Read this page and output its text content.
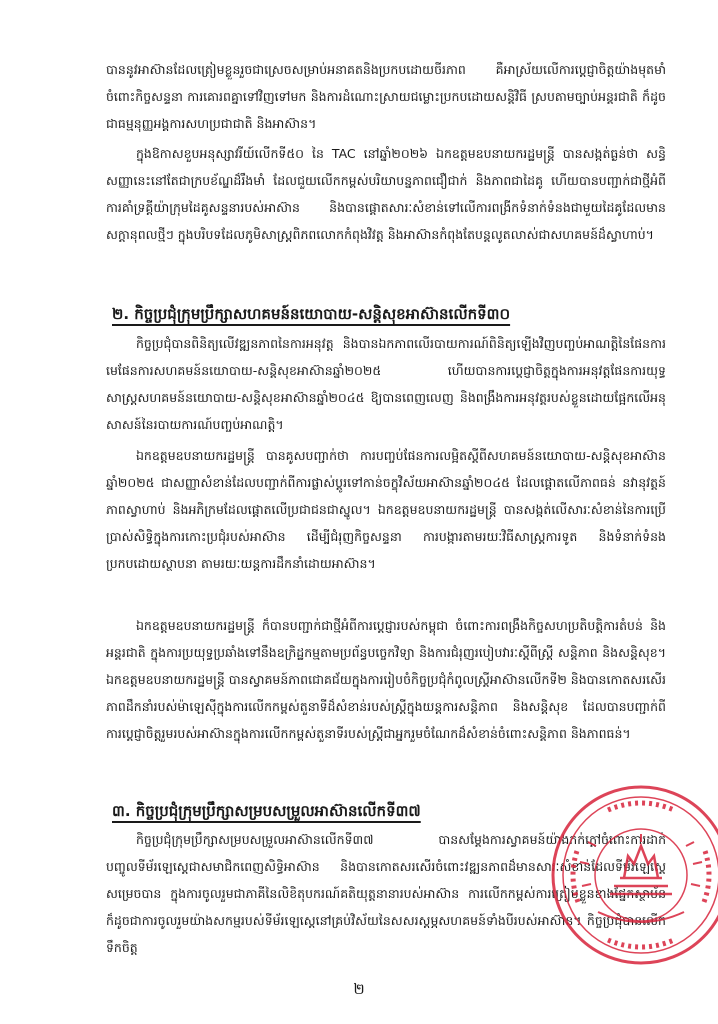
បាននូវអាស៊ានដែលត្រៀមខ្លួនរួចជាស្រេចសម្រាប់អនាគតនិងប្រកបដោយចីរភាព គឺអាស្រ័យលើការប្តេជ្ញាចិត្តយ៉ាងមុតមាំចំពោះកិច្ចសន្ទនា ការគោរពគ្នាទៅវិញទៅមក និងការដំណោះស្រាយជម្លោះប្រកបដោយសន្តិវិធី ស្របតាមច្បាប់អន្តរជាតិ ក៏ដូចជាធម្មនុញ្ញអង្គការសហប្រជាជាតិ និងអាស៊ាន។

ក្នុងឱកាសខួបអនុស្សាវរីយ៍លើកទី៥០ នៃ TAC នៅឆ្នាំ២០២៦ ឯកឧត្តមឧបនាយករដ្ឋមន្ត្រី បានសង្កត់ធ្ងន់ថា សន្ធិសញ្ញានេះនៅតែជាក្របខ័ណ្ឌដ៏រឹងមាំ ដែលជួយលើកកម្ពស់បរិយាបន្នភាពជឿជាក់ និងភាពជាដៃគូ ហើយបានបញ្ជាក់ជាថ្មីអំពីការគាំទ្រគ្តីយ៉ាក្រុមដៃគូសន្ទនារបស់អាស៊ាន និងបានផ្តោតសារៈសំខាន់ទៅលើការពង្រីកទំនាក់ទំនងជាមួយដៃគូដែលមានសក្តានុពលថ្មីៗ ក្នុងបរិបទដែលភូមិសាស្ត្រពិភពលោកកំពុងវិវត្ត និងអាស៊ានកំពុងតែបន្តលូតលាស់ជាសហគមន៍ដ៏ស្វាហាប់។

២. កិច្ចប្រជុំក្រុមប្រឹក្សាសហគមន៍នយោបាយ-សន្តិសុខអាស៊ានលើកទី៣០

កិច្ចប្រជុំបានពិនិត្យលើវឌ្ឍនភាពនៃការអនុវត្ត និងបានឯកភាពលើរបាយការណ៍ពិនិត្យឡើងវិញបញ្ចប់អាណត្តិនៃផែនការមេផែនការសហគមន៍នយោបាយ-សន្តិសុខអាស៊ានឆ្នាំ២០២៥ ហើយបានការប្តេជ្ញាចិត្តក្នុងការអនុវត្តផែនការយុទ្ធសាស្ត្រសហគមន៍នយោបាយ-សន្តិសុខអាស៊ានឆ្នាំ២០៤៥ ឱ្យបានពេញលេញ និងពង្រឹងការអនុវត្តរបស់ខ្លួនដោយផ្អែកលើអនុសាសន៍នៃរបាយការណ៍បញ្ចប់អាណត្តិ។

ឯកឧត្តមឧបនាយករដ្ឋមន្ត្រី បានគូសបញ្ជាក់ថា ការបញ្ចប់ផែនការលម្អិតស្តីពីសហគមន៍នយោបាយ-សន្តិសុខអាស៊ានឆ្នាំ២០២៥ ជាសញ្ញាសំខាន់ដែលបញ្ជាក់ពីការផ្លាស់ប្តូរទៅកាន់ចក្ខុវិស័យអាស៊ានឆ្នាំ២០៤៥ ដែលផ្តោតលើភាពធន់ នវានុវត្តន៍ ភាពស្វាហាប់ និងអភិក្រមដែលផ្តោតលើប្រជាជនជាស្នូល។ ឯកឧត្តមឧបនាយករដ្ឋមន្ត្រី បានសង្កត់លើសារៈសំខាន់នៃការប្រើប្រាស់សិទ្ធិក្នុងការកោះប្រជុំរបស់អាស៊ាន ដើម្បីជំរុញកិច្ចសន្ទនា ការបង្ការតាមរយៈវិធីសាស្ត្រការទូត និងទំនាក់ទំនងប្រកបដោយស្ថាបនា តាមរយៈយន្តការដឹកនាំដោយអាស៊ាន។

ឯកឧត្តមឧបនាយករដ្ឋមន្ត្រី ក៏បានបញ្ជាក់ជាថ្មីអំពីការប្តេជ្ញារបស់កម្ពុជា ចំពោះការពង្រឹងកិច្ចសហប្រតិបត្តិការតំបន់ និងអន្តរជាតិ ក្នុងការប្រយុទ្ធប្រឆាំងទៅនឹងឧក្រិដ្ឋកម្មតាមប្រព័ន្ធបច្ចេកវិទ្យា និងការជំរុញរបៀបវារៈស្តីពីស្ត្រី សន្តិភាព និងសន្តិសុខ។ ឯកឧត្តមឧបនាយករដ្ឋមន្ត្រី បានស្វាគមន៍ភាពជោគជ័យក្នុងការរៀបចំកិច្ចប្រជុំកំពូលស្ត្រីអាស៊ានលើកទី២ និងបានកោតសរសើរភាពដឹកនាំរបស់ម៉ាឡេស៊ីក្នុងការលើកកម្ពស់តួនាទីដ៏សំខាន់របស់ស្ត្រីក្នុងយន្តការសន្តិភាព និងសន្តិសុខ ដែលបានបញ្ជាក់ពីការប្តេជ្ញាចិត្តរួមរបស់អាស៊ានក្នុងការលើកកម្ពស់តួនាទីរបស់ស្ត្រីជាអ្នករួមចំណែកដ៏សំខាន់ចំពោះសន្តិភាព និងភាពធន់។

៣. កិច្ចប្រជុំក្រុមប្រឹក្សាសម្របសម្រួលអាស៊ានលើកទី៣៧

កិច្ចប្រជុំក្រុមប្រឹក្សាសម្របសម្រួលអាស៊ានលើកទី៣៧ បានសម្តែងការស្វាគមន៍យ៉ាងកក់ក្តៅចំពោះការដាក់បញ្ចូលទីម័រឡេស្តេជាសមាជិកពេញសិទ្ធិអាស៊ាន និងបានកោតសរសើរចំពោះវឌ្ឍនភាពដ៏មានសារៈសំខាន់ដែលទីម័រឡេស្តេសម្រេចបាន ក្នុងការចូលរួមជាភាគីនៃលិខិតុបករណ៍គតិយុត្តនានារបស់អាស៊ាន ការលើកកម្ពស់ការត្រៀមខ្លួនខាងផ្នែកស្ថាប័ន ក៏ដូចជាការចូលរួមយ៉ាងសកម្មរបស់ទីម័រឡេស្តេនៅគ្រប់វិស័យនៃសសរស្តម្ភសហគមន៍ទាំងបីរបស់អាស៊ាន។ កិច្ចប្រជុំបានលើកទឹកចិត្ត

២
